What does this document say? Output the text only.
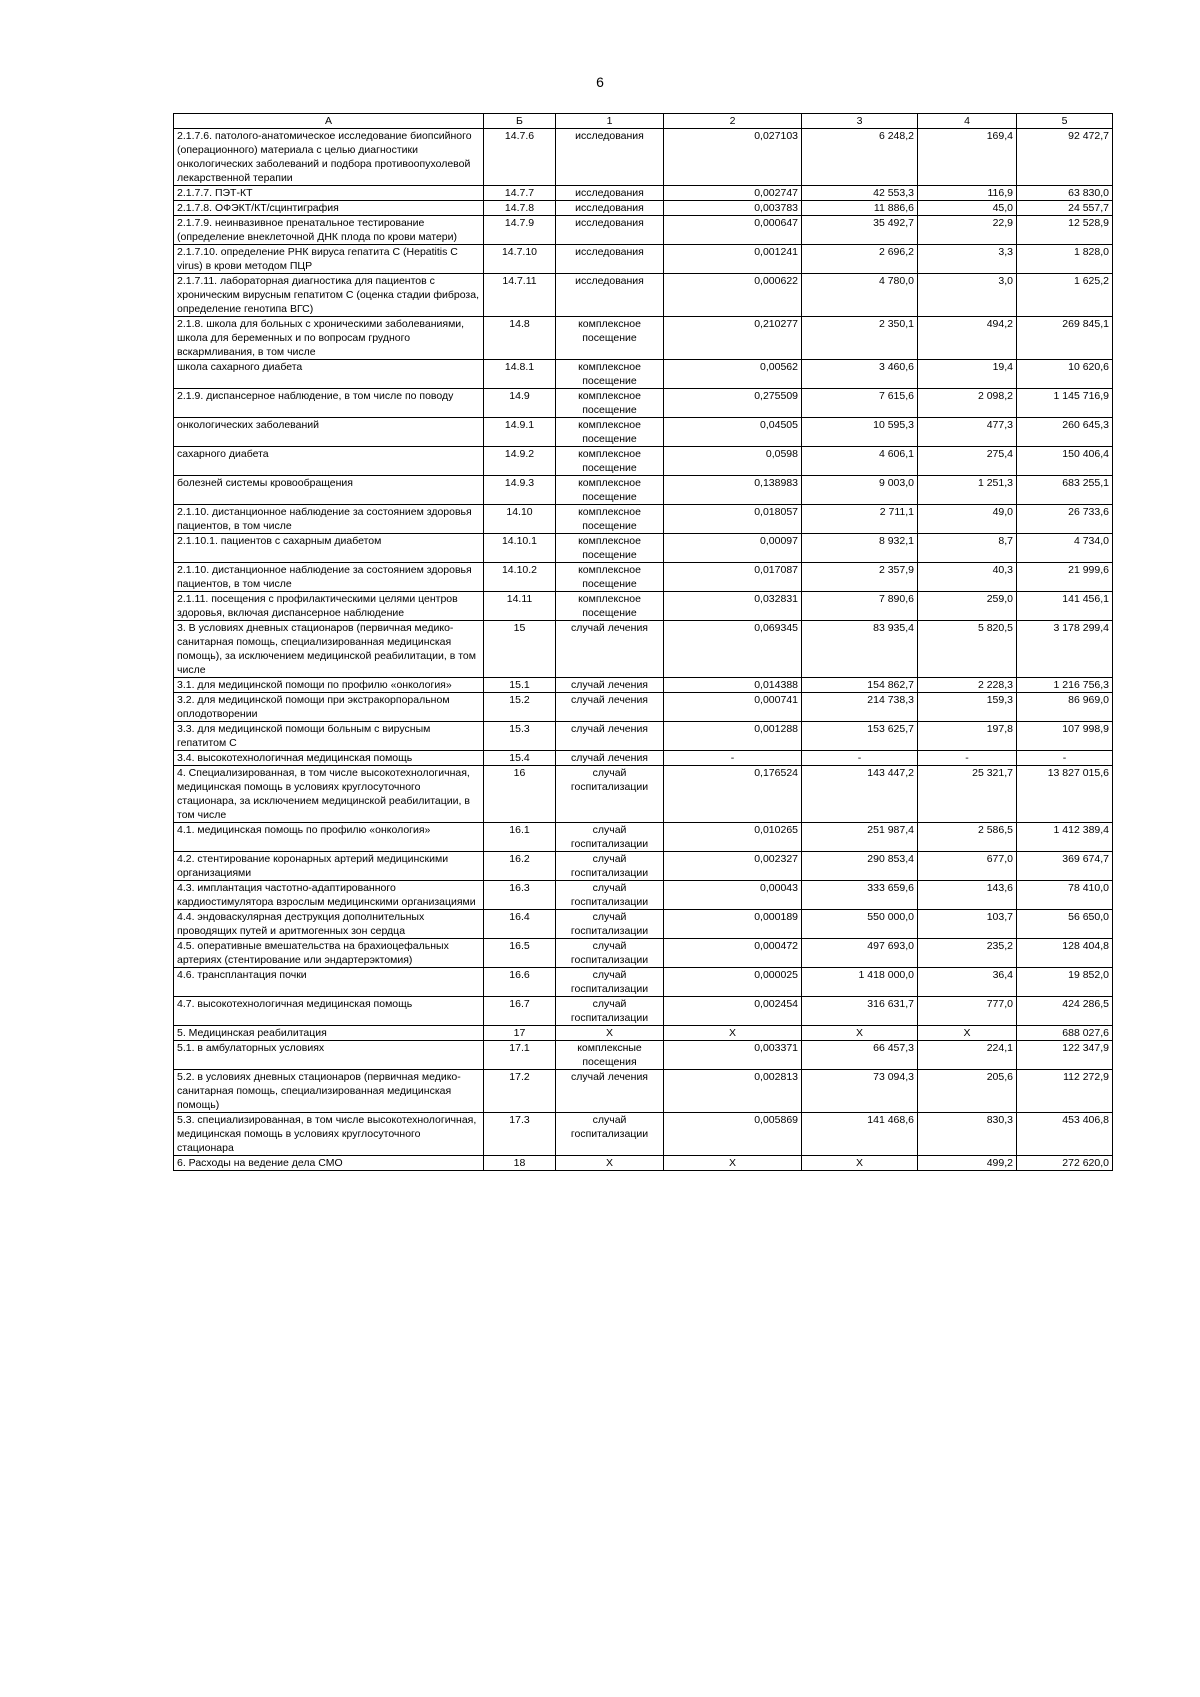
6
А	Б	1	2	3	4	5
2.1.7.6. патолого-анатомическое исследование биопсийного (операционного) материала с целью диагностики онкологических заболеваний и подбора противоопухолевой лекарственной терапии	14.7.6	исследования	0,027103	6 248,2	169,4	92 472,7
2.1.7.7. ПЭТ-КТ	14.7.7	исследования	0,002747	42 553,3	116,9	63 830,0
2.1.7.8. ОФЭКТ/КТ/сцинтиграфия	14.7.8	исследования	0,003783	11 886,6	45,0	24 557,7
2.1.7.9. неинвазивное пренатальное тестирование (определение внеклеточной ДНК плода по крови матери)	14.7.9	исследования	0,000647	35 492,7	22,9	12 528,9
2.1.7.10. определение РНК вируса гепатита С (Hepatitis C virus) в крови методом ПЦР	14.7.10	исследования	0,001241	2 696,2	3,3	1 828,0
2.1.7.11. лабораторная диагностика для пациентов с хроническим вирусным гепатитом С (оценка стадии фиброза, определение генотипа ВГС)	14.7.11	исследования	0,000622	4 780,0	3,0	1 625,2
2.1.8. школа для больных с хроническими заболеваниями, школа для беременных и по вопросам грудного вскармливания, в том числе	14.8	комплексное посещение	0,210277	2 350,1	494,2	269 845,1
школа сахарного диабета	14.8.1	комплексное посещение	0,00562	3 460,6	19,4	10 620,6
2.1.9. диспансерное наблюдение, в том числе по поводу	14.9	комплексное посещение	0,275509	7 615,6	2 098,2	1 145 716,9
онкологических заболеваний	14.9.1	комплексное посещение	0,04505	10 595,3	477,3	260 645,3
сахарного диабета	14.9.2	комплексное посещение	0,0598	4 606,1	275,4	150 406,4
болезней системы кровообращения	14.9.3	комплексное посещение	0,138983	9 003,0	1 251,3	683 255,1
2.1.10. дистанционное наблюдение за состоянием здоровья пациентов, в том числе	14.10	комплексное посещение	0,018057	2 711,1	49,0	26 733,6
2.1.10.1. пациентов с сахарным диабетом	14.10.1	комплексное посещение	0,00097	8 932,1	8,7	4 734,0
2.1.10. дистанционное наблюдение за состоянием здоровья пациентов, в том числе	14.10.2	комплексное посещение	0,017087	2 357,9	40,3	21 999,6
2.1.11. посещения с профилактическими целями центров здоровья, включая диспансерное наблюдение	14.11	комплексное посещение	0,032831	7 890,6	259,0	141 456,1
3. В условиях дневных стационаров (первичная медико-санитарная помощь, специализированная медицинская помощь), за исключением медицинской реабилитации, в том числе	15	случай лечения	0,069345	83 935,4	5 820,5	3 178 299,4
3.1. для медицинской помощи по профилю «онкология»	15.1	случай лечения	0,014388	154 862,7	2 228,3	1 216 756,3
3.2. для медицинской помощи при экстракорпоральном оплодотворении	15.2	случай лечения	0,000741	214 738,3	159,3	86 969,0
3.3. для медицинской помощи больным с вирусным гепатитом С	15.3	случай лечения	0,001288	153 625,7	197,8	107 998,9
3.4. высокотехнологичная медицинская помощь	15.4	случай лечения	-	-	-	-
4. Специализированная, в том числе высокотехнологичная, медицинская помощь в условиях круглосуточного стационара, за исключением медицинской реабилитации, в том числе	16	случай госпитализации	0,176524	143 447,2	25 321,7	13 827 015,6
4.1. медицинская помощь по профилю «онкология»	16.1	случай госпитализации	0,010265	251 987,4	2 586,5	1 412 389,4
4.2. стентирование коронарных артерий медицинскими организациями	16.2	случай госпитализации	0,002327	290 853,4	677,0	369 674,7
4.3. имплантация частотно-адаптированного кардиостимулятора взрослым медицинскими организациями	16.3	случай госпитализации	0,00043	333 659,6	143,6	78 410,0
4.4. эндоваскулярная деструкция дополнительных проводящих путей и аритмогенных зон сердца	16.4	случай госпитализации	0,000189	550 000,0	103,7	56 650,0
4.5. оперативные вмешательства на брахиоцефальных артериях (стентирование или эндартерэктомия)	16.5	случай госпитализации	0,000472	497 693,0	235,2	128 404,8
4.6. трансплантация почки	16.6	случай госпитализации	0,000025	1 418 000,0	36,4	19 852,0
4.7. высокотехнологичная медицинская помощь	16.7	случай госпитализации	0,002454	316 631,7	777,0	424 286,5
5. Медицинская реабилитация	17	Х	Х	Х	Х	688 027,6
5.1. в амбулаторных условиях	17.1	комплексные посещения	0,003371	66 457,3	224,1	122 347,9
5.2. в условиях дневных стационаров (первичная медико-санитарная помощь, специализированная медицинская помощь)	17.2	случай лечения	0,002813	73 094,3	205,6	112 272,9
5.3. специализированная, в том числе высокотехнологичная, медицинская помощь в условиях круглосуточного стационара	17.3	случай госпитализации	0,005869	141 468,6	830,3	453 406,8
6. Расходы на ведение дела СМО	18	Х	Х	Х	499,2	272 620,0
